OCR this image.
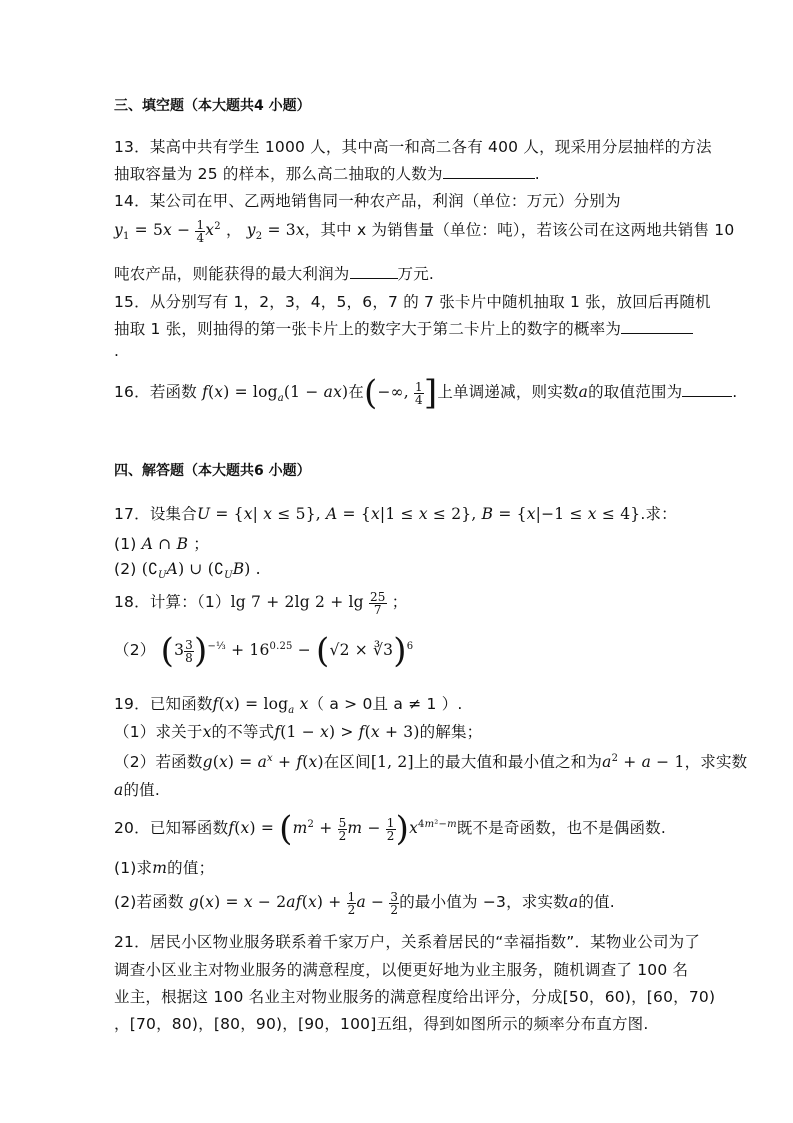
三、填空题（本大题共4 小题）
13．某高中共有学生 1000 人，其中高一和高二各有 400 人，现采用分层抽样的方法
抽取容量为 25 的样本，那么高二抽取的人数为	.
14．某公司在甲、乙两地销售同一种农产品，利润（单位：万元）分别为
$y_1 = 5x - \frac{1}{4} x^2$ ， $y_2 = 3x$，其中 x 为销售量（单位：吨），若该公司在这两地共销售 10
吨农产品，则能获得的最大利润为	万元.
15．从分别写有 1，2，3，4，5，6，7 的 7 张卡片中随机抽取 1 张，放回后再随机
抽取 1 张，则抽得的第一张卡片上的数字大于第二卡片上的数字的概率为
.
16．若函数 $f(x) = \log_a(1 - ax)$在(−∞, $\frac{1}{4}$ ]上单调递减，则实数a的取值范围为	.
四、解答题（本大题共6 小题）
17．设集合U = {x| x ≤ 5}, A = {x|1 ≤ x ≤ 2}, B = {x|−1 ≤ x ≤ 4}.求：
(1) A ∩ B ；
(2) $(∁_UA)$ ∪ $(∁_UB)$ .
18．计算：（1）lg 7 + 2lg $2 + \lg \frac{25}{7}$ ；
（2） $(3 \frac{3}{8} )^{-\frac{1}{3}} + 16^{0.25} - (√2$ × ∛3)$^6$
19．已知函数$f(x) = \log_a x$（ a > 0且 a ≠ 1 ）.
（1）求关于x的不等式f(1 − x) > f(x + 3)的解集；
（2）若函数$g(x) = a^x + f(x)$在区间[1, 2]上的最大值和最小值之和为$a^2 + a - 1$，求实数
a的值.
20．已知幂函数$f(x) = (m^2 + \frac{5}{2}$ $m - \frac{1}{2} )x^{4m^2-m}$既不是奇函数，也不是偶函数.
(1)求m的值；
(2)若函数 $g(x) = x - 2af(x) + \frac{1}{2}$ $a - \frac{3}{2}$ 的最小值为 −3，求实数a的值.
21．居民小区物业服务联系着千家万户，关系着居民的“幸福指数”．某物业公司为了
调查小区业主对物业服务的满意程度，以便更好地为业主服务，随机调查了 100 名
业主，根据这 100 名业主对物业服务的满意程度给出评分，分成[50，60)，[60，70)
，[70，80)，[80，90)，[90，100]五组，得到如图所示的频率分布直方图.
